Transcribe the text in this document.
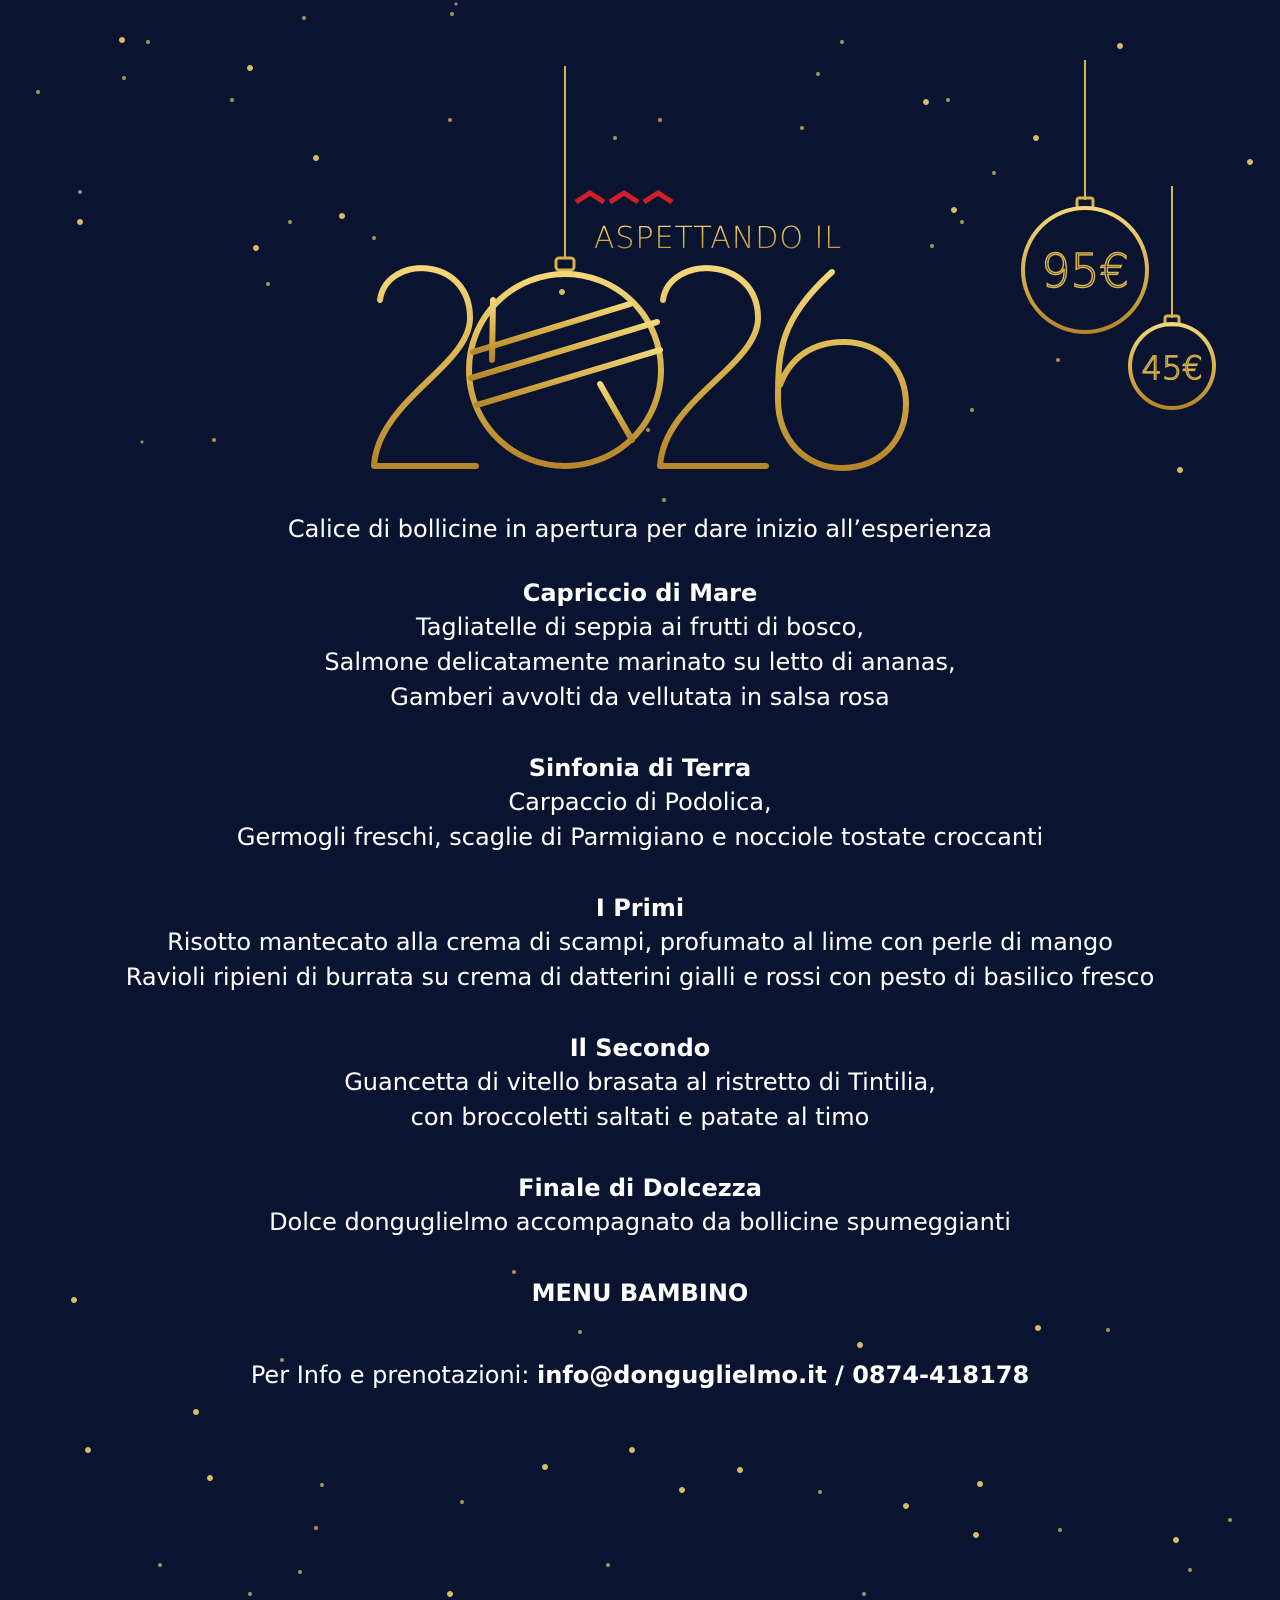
ASPETTANDO IL
95€
45€
Calice di bollicine in apertura per dare inizio all’esperienza
Capriccio di Mare
Tagliatelle di seppia ai frutti di bosco,
Salmone delicatamente marinato su letto di ananas,
Gamberi avvolti da vellutata in salsa rosa
Sinfonia di Terra
Carpaccio di Podolica,
Germogli freschi, scaglie di Parmigiano e nocciole tostate croccanti
I Primi
Risotto mantecato alla crema di scampi, profumato al lime con perle di mango
Ravioli ripieni di burrata su crema di datterini gialli e rossi con pesto di basilico fresco
Il Secondo
Guancetta di vitello brasata al ristretto di Tintilia,
con broccoletti saltati e patate al timo
Finale di Dolcezza
Dolce donguglielmo accompagnato da bollicine spumeggianti
MENU BAMBINO
Per Info e prenotazioni: info@donguglielmo.it / 0874-418178
